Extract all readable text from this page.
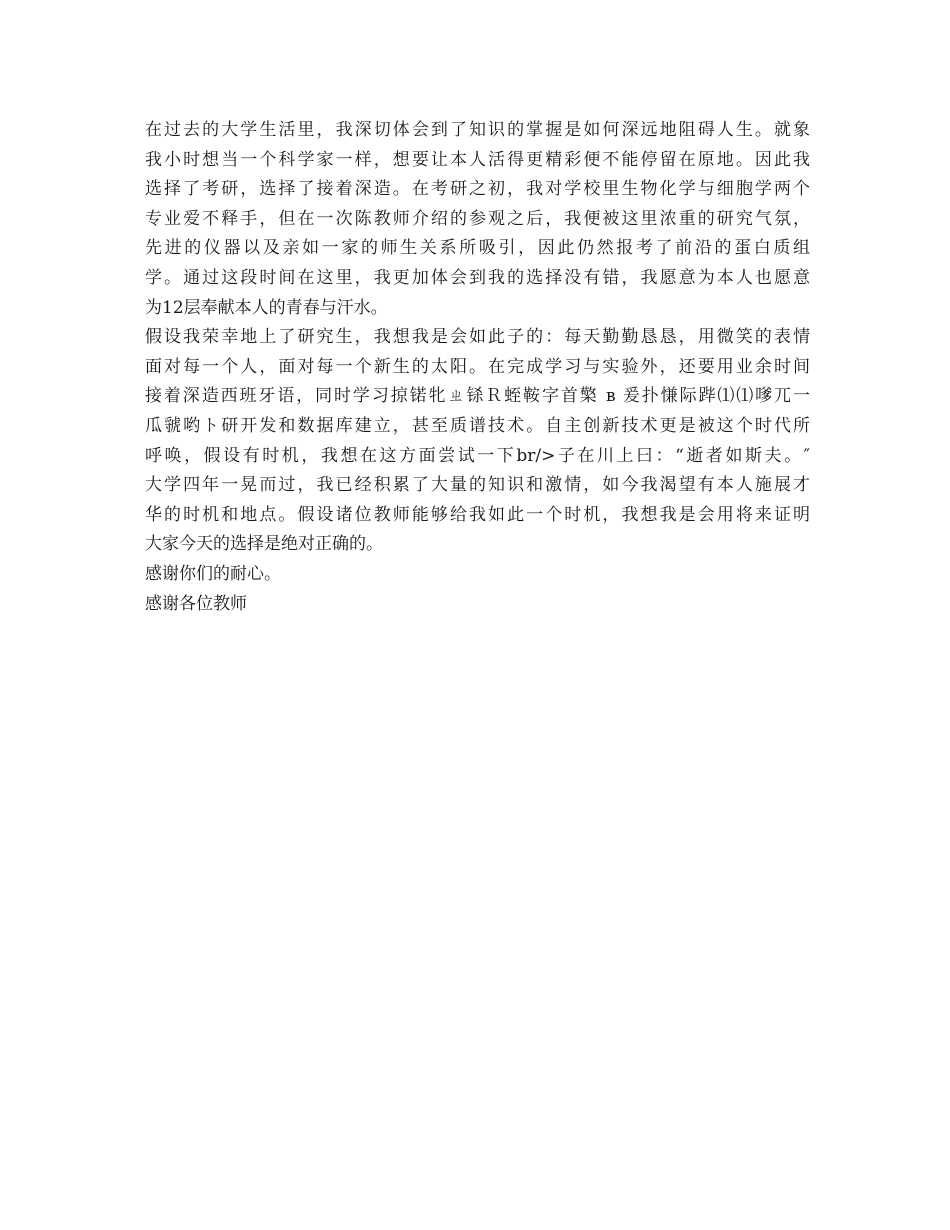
在过去的大学生活里，我深切体会到了知识的掌握是如何深远地阻碍人生。就象
我小时想当一个科学家一样，想要让本人活得更精彩便不能停留在原地。因此我
选择了考研，选择了接着深造。在考研之初，我对学校里生物化学与细胞学两个
专业爱不释手，但在一次陈教师介绍的参观之后，我便被这里浓重的研究气氛，
先进的仪器以及亲如一家的师生关系所吸引，因此仍然报考了前沿的蛋白质组
学。通过这段时间在这里，我更加体会到我的选择没有错，我愿意为本人也愿意
为12层奉献本人的青春与汗水。
假设我荣幸地上了研究生，我想我是会如此子的：每天勤勤恳恳，用微笑的表情
面对每一个人，面对每一个新生的太阳。在完成学习与实验外，还要用业余时间
接着深造西班牙语，同时学习掠锘牝ㄓ铩Ｒ蛭鞍字首檠 в 爰扑慊际跸⑴⑴嗲兀一
瓜虢哟ト研开发和数据库建立，甚至质谱技术。自主创新技术更是被这个时代所
呼唤，假设有时机，我想在这方面尝试一下br/>子在川上曰：“逝者如斯夫。″
大学四年一晃而过，我已经积累了大量的知识和激情，如今我渴望有本人施展才
华的时机和地点。假设诸位教师能够给我如此一个时机，我想我是会用将来证明
大家今天的选择是绝对正确的。
感谢你们的耐心。
感谢各位教师
